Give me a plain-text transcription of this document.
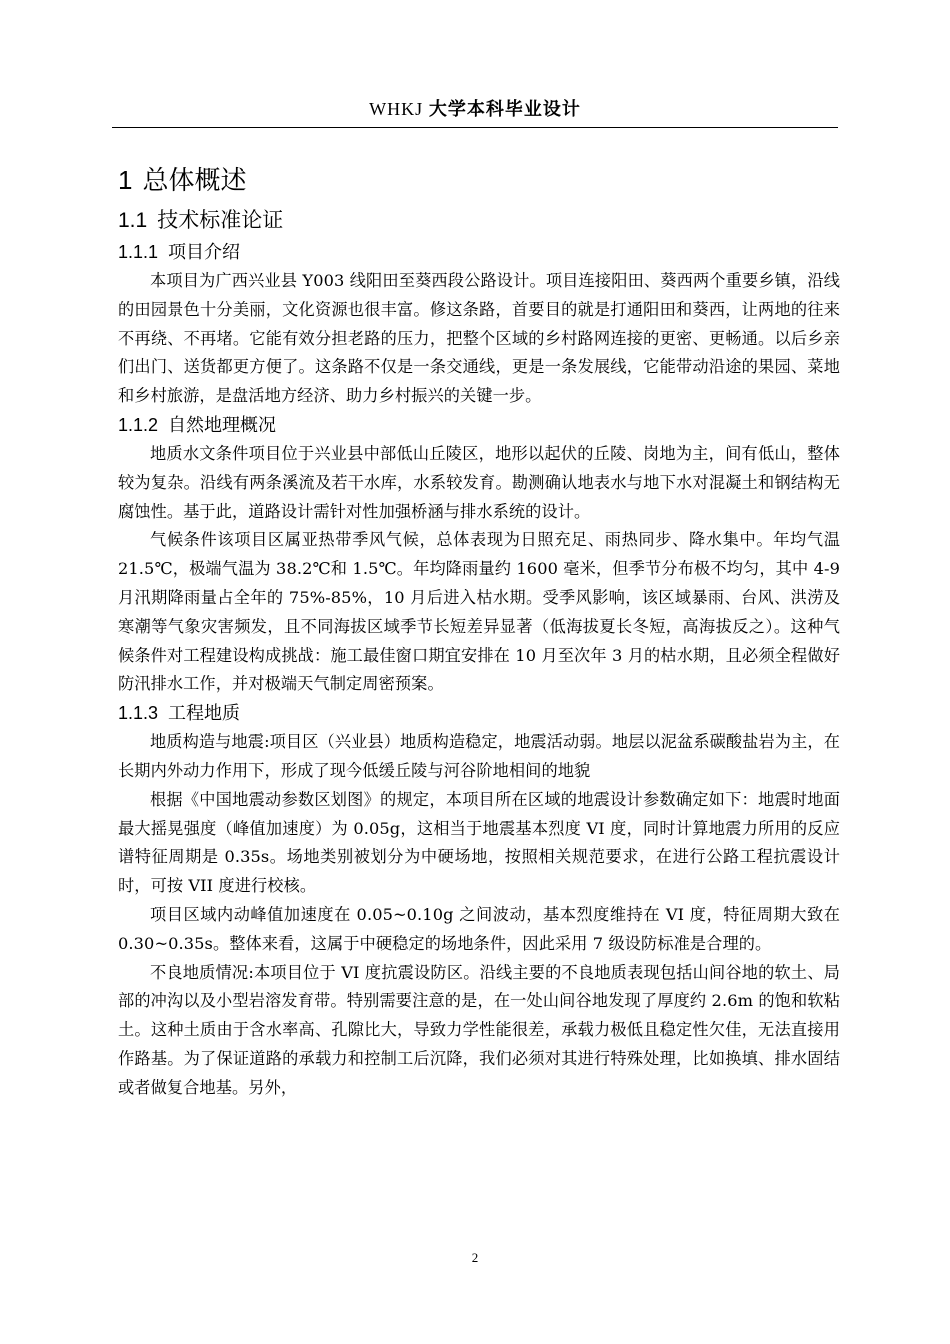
WHKJ 大学本科毕业设计
1 总体概述
1.1 技术标准论证
1.1.1 项目介绍

本项目为广西兴业县 Y003 线阳田至葵西段公路设计。项目连接阳田、葵西两个重要乡镇，沿线的田园景色十分美丽，文化资源也很丰富。修这条路，首要目的就是打通阳田和葵西，让两地的往来不再绕、不再堵。它能有效分担老路的压力，把整个区域的乡村路网连接的更密、更畅通。以后乡亲们出门、送货都更方便了。这条路不仅是一条交通线，更是一条发展线，它能带动沿途的果园、菜地和乡村旅游，是盘活地方经济、助力乡村振兴的关键一步。

1.1.2 自然地理概况

地质水文条件项目位于兴业县中部低山丘陵区，地形以起伏的丘陵、岗地为主，间有低山，整体较为复杂。沿线有两条溪流及若干水库，水系较发育。勘测确认地表水与地下水对混凝土和钢结构无腐蚀性。基于此，道路设计需针对性加强桥涵与排水系统的设计。

气候条件该项目区属亚热带季风气候，总体表现为日照充足、雨热同步、降水集中。年均气温 21.5℃，极端气温为 38.2℃和 1.5℃。年均降雨量约 1600 毫米，但季节分布极不均匀，其中 4-9 月汛期降雨量占全年的 75%-85%，10 月后进入枯水期。受季风影响，该区域暴雨、台风、洪涝及寒潮等气象灾害频发，且不同海拔区域季节长短差异显著（低海拔夏长冬短，高海拔反之）。这种气候条件对工程建设构成挑战：施工最佳窗口期宜安排在 10 月至次年 3 月的枯水期，且必须全程做好防汛排水工作，并对极端天气制定周密预案。

1.1.3 工程地质

地质构造与地震:项目区（兴业县）地质构造稳定，地震活动弱。地层以泥盆系碳酸盐岩为主，在长期内外动力作用下，形成了现今低缓丘陵与河谷阶地相间的地貌

根据《中国地震动参数区划图》的规定，本项目所在区域的地震设计参数确定如下：地震时地面最大摇晃强度（峰值加速度）为 0.05g，这相当于地震基本烈度 VI 度，同时计算地震力所用的反应谱特征周期是 0.35s。场地类别被划分为中硬场地，按照相关规范要求，在进行公路工程抗震设计时，可按 VII 度进行校核。

项目区域内动峰值加速度在 0.05~0.10g 之间波动，基本烈度维持在 VI 度，特征周期大致在 0.30~0.35s。整体来看，这属于中硬稳定的场地条件，因此采用 7 级设防标准是合理的。

不良地质情况:本项目位于 VI 度抗震设防区。沿线主要的不良地质表现包括山间谷地的软土、局部的冲沟以及小型岩溶发育带。特别需要注意的是，在一处山间谷地发现了厚度约 2.6m 的饱和软粘土。这种土质由于含水率高、孔隙比大，导致力学性能很差，承载力极低且稳定性欠佳，无法直接用作路基。为了保证道路的承载力和控制工后沉降，我们必须对其进行特殊处理，比如换填、排水固结或者做复合地基。另外，

2
